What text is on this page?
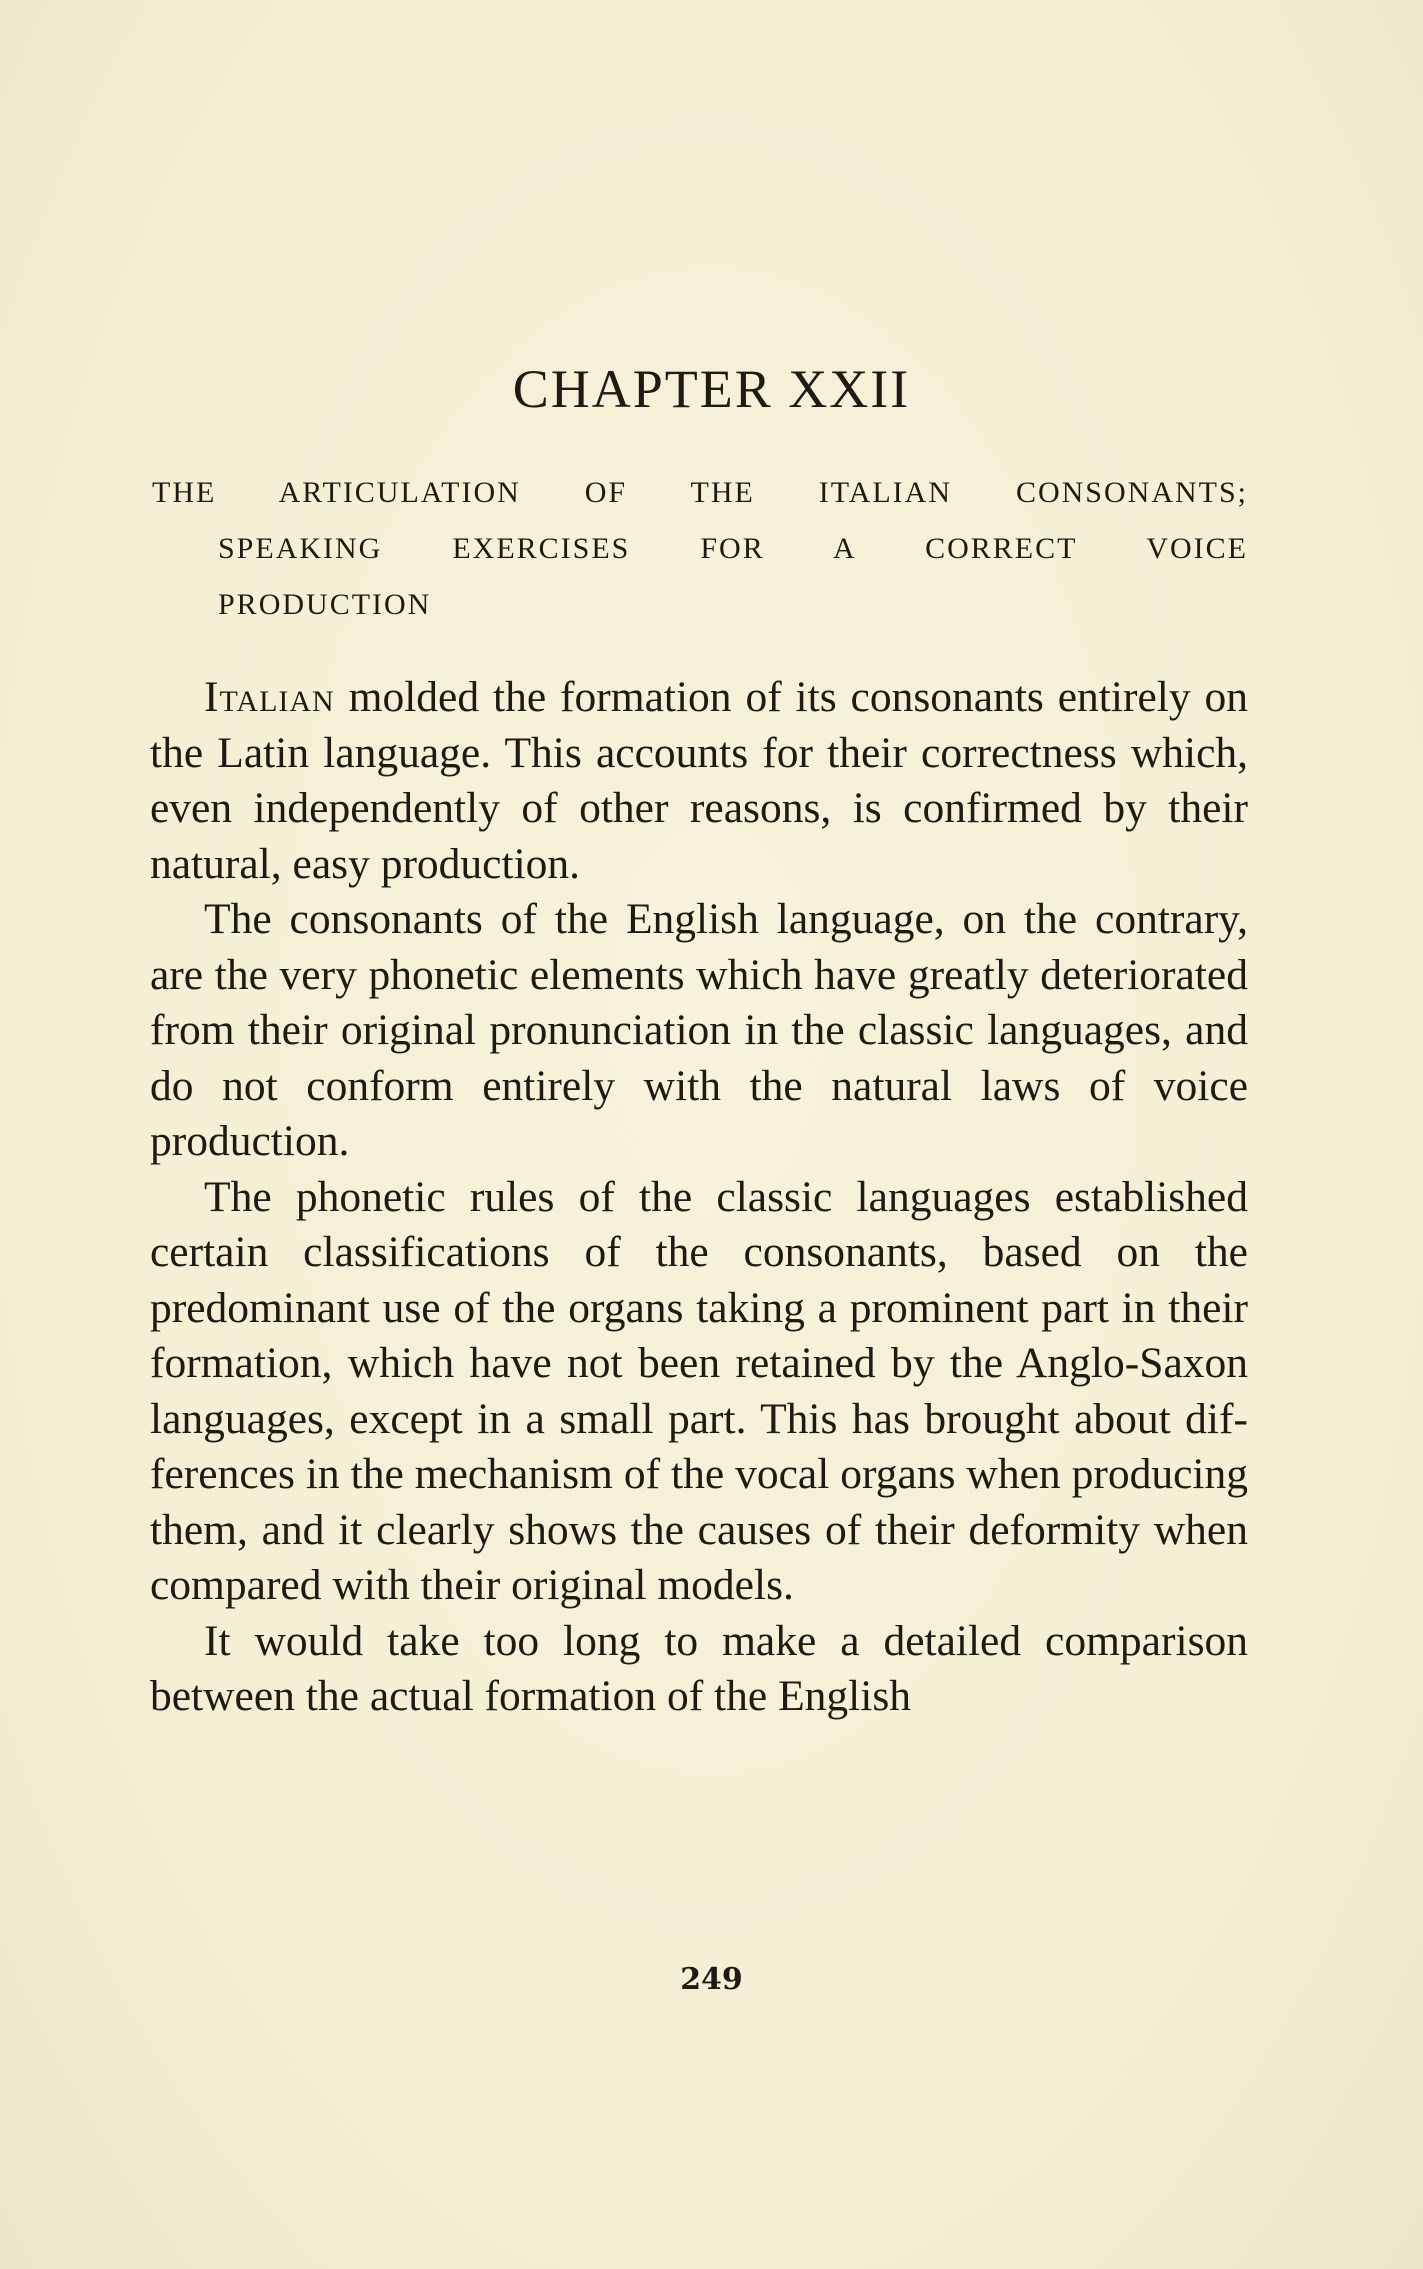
CHAPTER XXII
THE ARTICULATION OF THE ITALIAN CONSONANTS;
SPEAKING EXERCISES FOR A CORRECT VOICE
PRODUCTION

Italian molded the formation of its consonants entirely on the Latin language. This accounts for their correctness which, even independently of other reasons, is confirmed by their natural, easy production.

The consonants of the English language, on the contrary, are the very phonetic elements which have greatly deteriorated from their original pronunciation in the classic languages, and do not conform entirely with the natural laws of voice production.

The phonetic rules of the classic languages established certain classifications of the consonants, based on the predominant use of the organs taking a prominent part in their formation, which have not been retained by the Anglo-Saxon languages, except in a small part. This has brought about differences in the mechanism of the vocal organs when producing them, and it clearly shows the causes of their deformity when compared with their original models.

It would take too long to make a detailed comparison between the actual formation of the English

249
